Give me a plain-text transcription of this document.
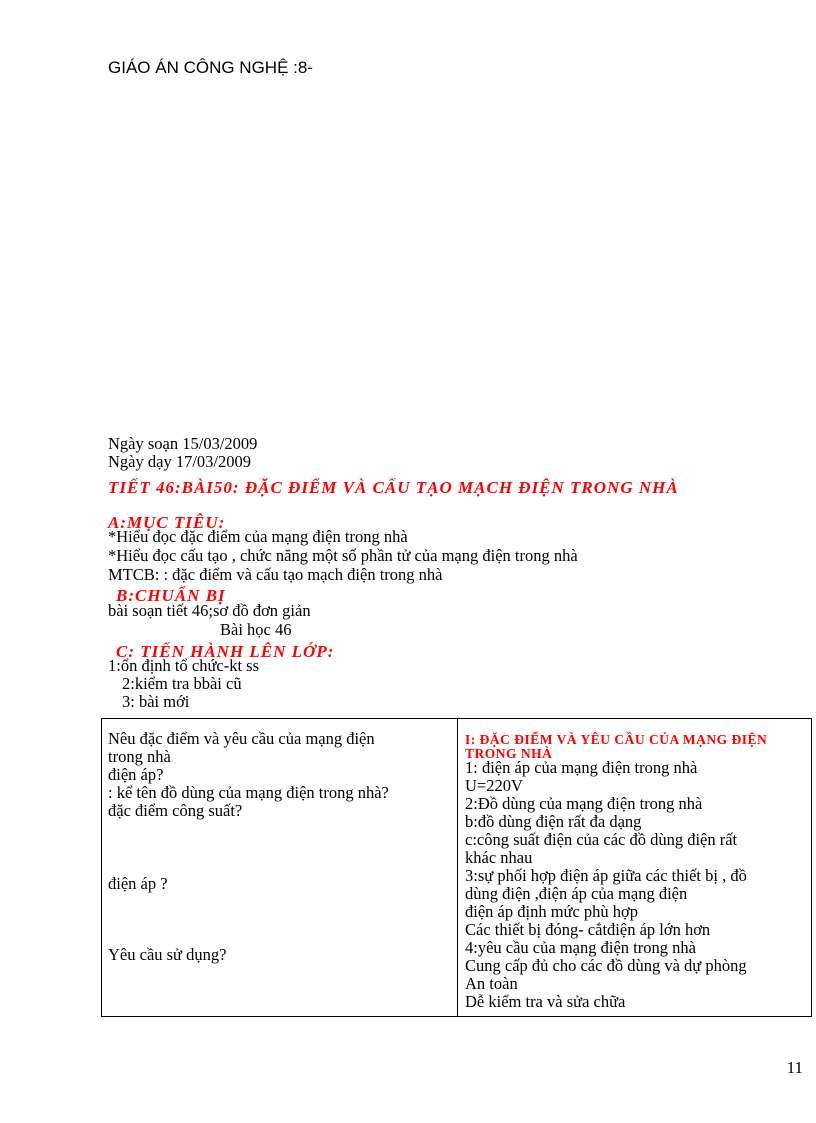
GIÁO ÁN CÔNG NGHỆ :8-
Ngày soạn 15/03/2009
Ngày dạy 17/03/2009
TIẾT 46:BÀI50: ĐẶC ĐIỂM VÀ CẤU TẠO MẠCH ĐIỆN TRONG NHÀ
A:MỤC TIÊU:
*Hiểu đọc đặc điểm của mạng điện trong nhà
*Hiểu đọc cấu tạo , chức năng một số phần tử của mạng điện trong nhà
MTCB: : đặc điểm và cấu tạo mạch điện trong nhà
B:CHUẨN BỊ
bài soạn tiết 46;sơ đồ đơn giản
Bài học 46
C: TIẾN HÀNH LÊN LỚP:
1:ổn định tổ chức-kt ss
2:kiểm tra bbài cũ
3: bài mới
Nêu đặc điểm và yêu cầu của mạng điện
trong nhà
điện áp?
: kể tên đồ dùng của mạng điện trong nhà?
đặc điểm công suất?
điện áp ?
Yêu cầu sử dụng?

I: ĐẶC ĐIỂM VÀ YÊU CẦU CỦA MẠNG ĐIỆN TRONG NHÀ
1: điện áp của mạng điện trong nhà
U=220V
2:Đồ dùng của mạng điện trong nhà
b:đồ dùng điện rất đa dạng
c:công suất điện của các đồ dùng điện rất
khác nhau
3:sự phối hợp điện áp giữa các thiết bị , đồ
dùng điện ,điện áp của mạng điện
điện áp định mức phù hợp
Các thiết bị đóng- cắtđiện áp lớn hơn
4:yêu cầu của mạng điện trong nhà
Cung cấp đủ cho các đồ dùng và dự phòng
An toàn
Dễ kiểm tra và sửa chữa
11
